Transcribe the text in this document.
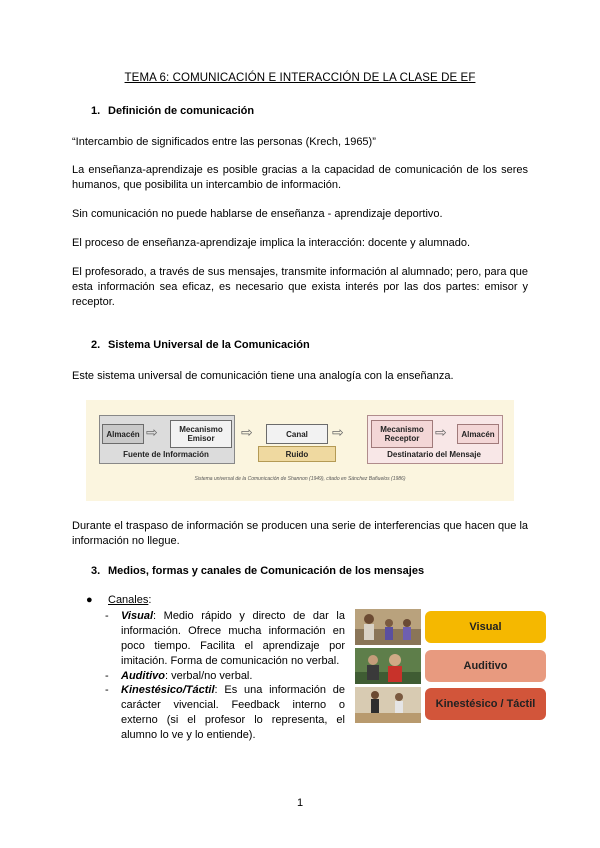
TEMA 6: COMUNICACIÓN E INTERACCIÓN DE LA CLASE DE EF
1. Definición de comunicación
“Intercambio de significados entre las personas (Krech, 1965)”
La enseñanza-aprendizaje es posible gracias a la capacidad de comunicación de los seres humanos, que posibilita un intercambio de información.
Sin comunicación no puede hablarse de enseñanza - aprendizaje deportivo.
El proceso de enseñanza-aprendizaje implica la interacción: docente y alumnado.
El profesorado, a través de sus mensajes, transmite información al alumnado; pero, para que esta información sea eficaz, es necesario que exista interés por las dos partes: emisor y receptor.
2. Sistema Universal de la Comunicación
Este sistema universal de comunicación tiene una analogía con la enseñanza.
Almacén ⇨	Mecanismo Emisor
Fuente de Información
⇨	Canal
Ruido
⇨	Mecanismo Receptor	⇨	Almacén
Destinatario del Mensaje
Sistema universal de la Comunicación de Shannon (1949), citado en Sánchez Bañuelos (1986)
Durante el traspaso de información se producen una serie de interferencias que hacen que la información no llegue.
3. Medios, formas y canales de Comunicación de los mensajes
● Canales:
- Visual: Medio rápido y directo de dar la información. Ofrece mucha información en poco tiempo. Facilita el aprendizaje por imitación. Forma de comunicación no verbal.
- Auditivo: verbal/no verbal.
- Kinestésico/Táctil: Es una información de carácter vivencial. Feedback interno o externo (si el profesor lo representa, el alumno lo ve y lo entiende).
Visual
Auditivo
Kinestésico / Táctil
1
